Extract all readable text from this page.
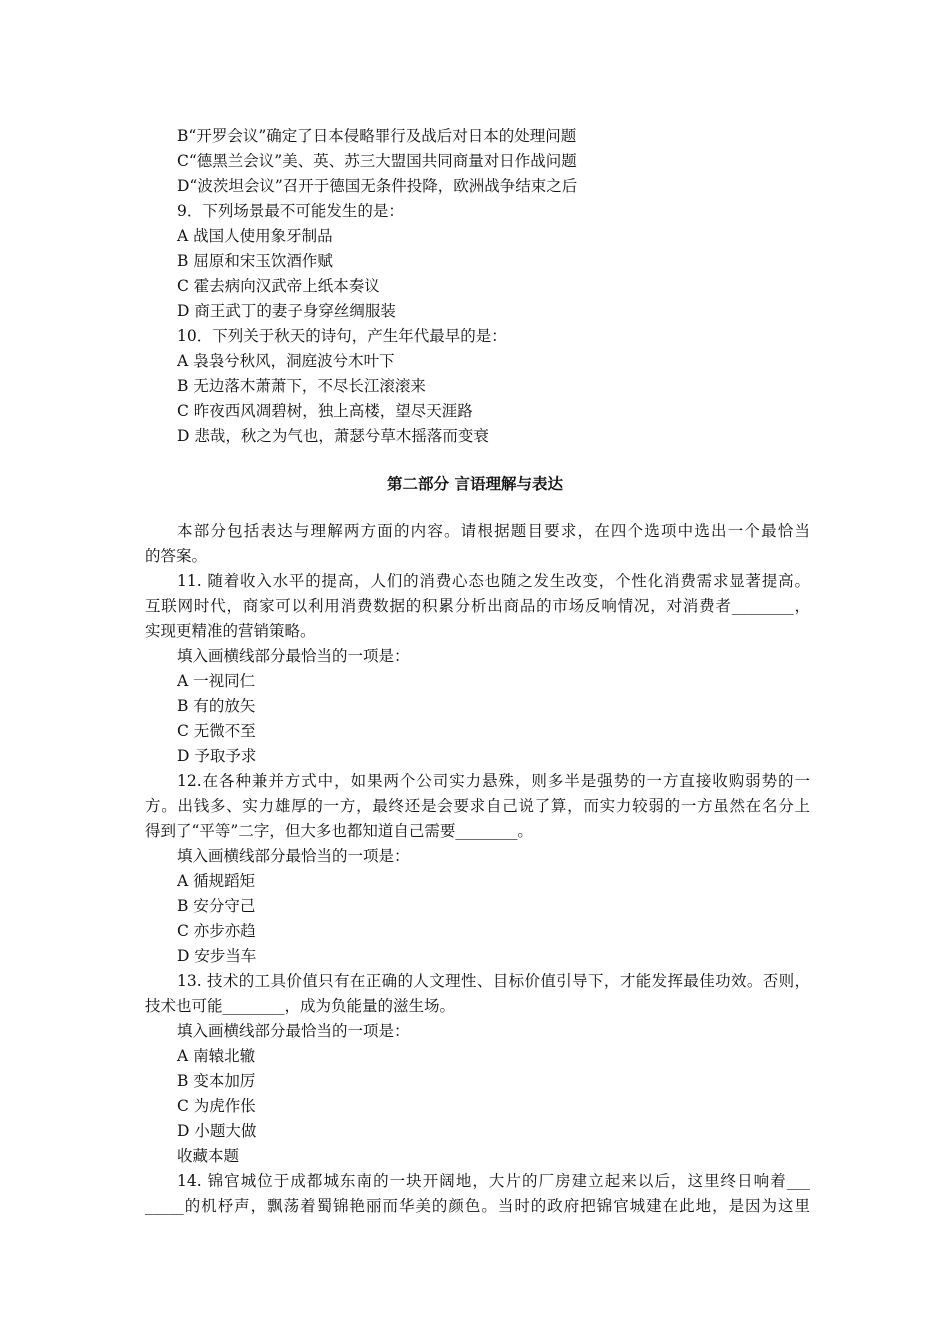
B“开罗会议”确定了日本侵略罪行及战后对日本的处理问题
C“德黑兰会议”美、英、苏三大盟国共同商量对日作战问题
D“波茨坦会议”召开于德国无条件投降，欧洲战争结束之后
9．下列场景最不可能发生的是：
A 战国人使用象牙制品
B 屈原和宋玉饮酒作赋
C 霍去病向汉武帝上纸本奏议
D 商王武丁的妻子身穿丝绸服装
10．下列关于秋天的诗句，产生年代最早的是：
A 袅袅兮秋风，洞庭波兮木叶下
B 无边落木萧萧下，不尽长江滚滚来
C 昨夜西风凋碧树，独上高楼，望尽天涯路
D 悲哉，秋之为气也，萧瑟兮草木摇落而变衰
第二部分 言语理解与表达
本部分包括表达与理解两方面的内容。请根据题目要求，在四个选项中选出一个最恰当
的答案。
11. 随着收入水平的提高，人们的消费心态也随之发生改变，个性化消费需求显著提高。
互联网时代，商家可以利用消费数据的积累分析出商品的市场反响情况，对消费者________，
实现更精准的营销策略。
填入画横线部分最恰当的一项是：
A 一视同仁
B 有的放矢
C 无微不至
D 予取予求
12.在各种兼并方式中，如果两个公司实力悬殊，则多半是强势的一方直接收购弱势的一
方。出钱多、实力雄厚的一方，最终还是会要求自己说了算，而实力较弱的一方虽然在名分上
得到了“平等”二字，但大多也都知道自己需要________。
填入画横线部分最恰当的一项是：
A 循规蹈矩
B 安分守己
C 亦步亦趋
D 安步当车
13. 技术的工具价值只有在正确的人文理性、目标价值引导下，才能发挥最佳功效。否则，
技术也可能________，成为负能量的滋生场。
填入画横线部分最恰当的一项是：
A 南辕北辙
B 变本加厉
C 为虎作伥
D 小题大做
收藏本题
14. 锦官城位于成都城东南的一块开阔地，大片的厂房建立起来以后，这里终日响着___
_____的机杼声，飘荡着蜀锦艳丽而华美的颜色。当时的政府把锦官城建在此地，是因为这里
